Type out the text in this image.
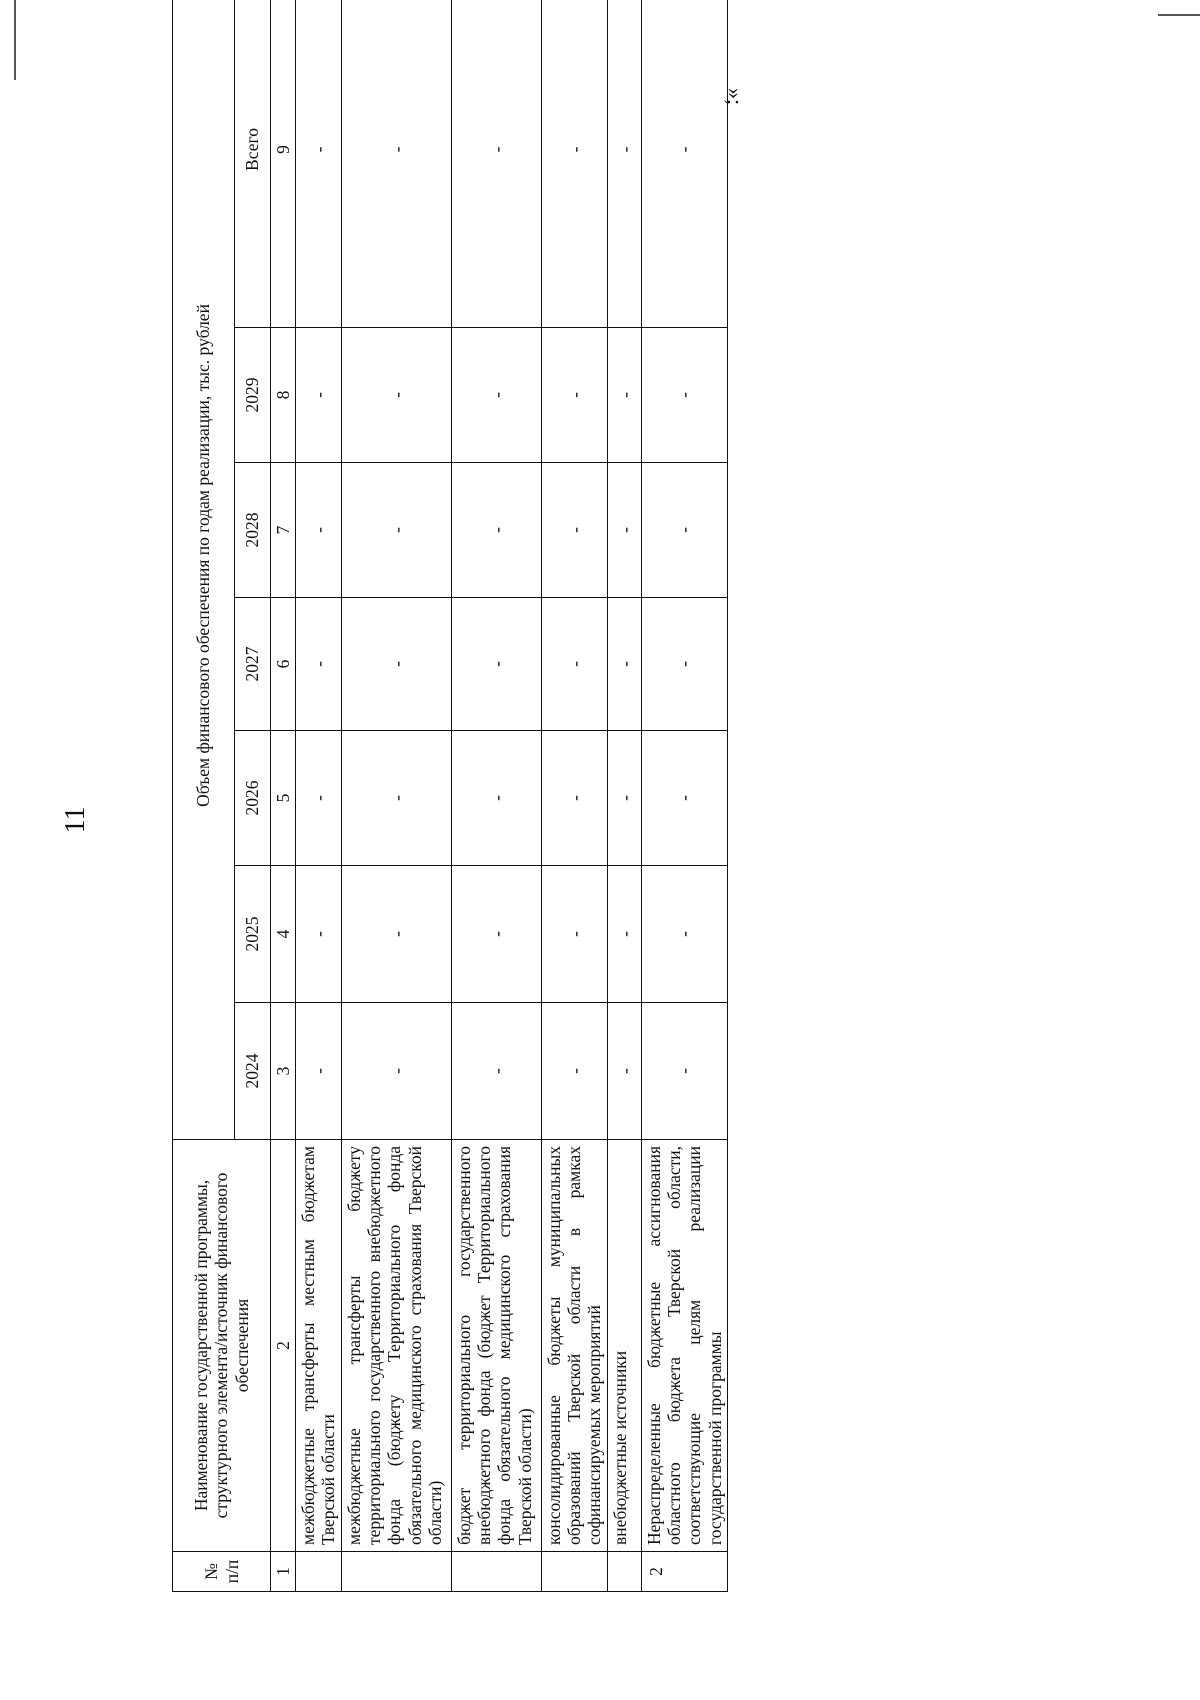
11
№ п/п	Наименование государственной программы, структурного элемента/источник финансового обеспечения	Объем финансового обеспечения по годам реализации, тыс. рублей						
		2024	2025	2026	2027	2028	2029	Всего
1	2	3	4	5	6	7	8	9
	межбюджетные трансферты местным бюджетам Тверской области	-	-	-	-	-	-	-
	межбюджетные трансферты бюджету территориального государственного внебюджетного фонда (бюджету Территориального фонда обязательного медицинского страхования Тверской области)	-	-	-	-	-	-	-
	бюджет территориального государственного внебюджетного фонда (бюджет Территориального фонда обязательного медицинского страхования Тверской области)	-	-	-	-	-	-	-
	консолидированные бюджеты муниципальных образований Тверской области в рамках софинансируемых мероприятий	-	-	-	-	-	-	-
	внебюджетные источники	-	-	-	-	-	-	-
2	Нераспределенные бюджетные ассигнования областного бюджета Тверской области, соответствующие целям реализации государственной программы	-	-	-	-	-	-	-
»;
